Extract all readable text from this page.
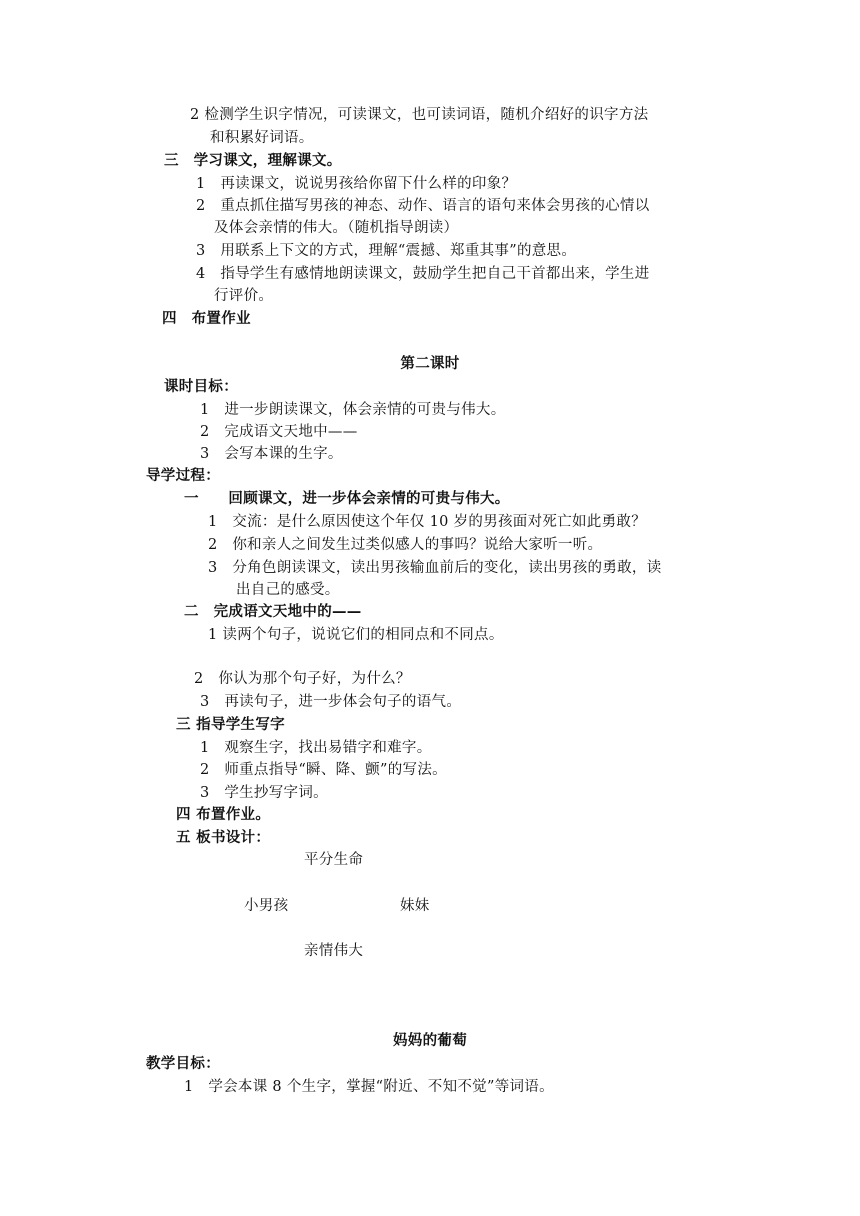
2 检测学生识字情况，可读课文，也可读词语，随机介绍好的识字方法
和积累好词语。
三　学习课文，理解课文。
1　再读课文，说说男孩给你留下什么样的印象？
2　重点抓住描写男孩的神态、动作、语言的语句来体会男孩的心情以
及体会亲情的伟大。（随机指导朗读）
3　用联系上下文的方式，理解“震撼、郑重其事”的意思。
4　指导学生有感情地朗读课文，鼓励学生把自己干首都出来，学生进
行评价。
四　布置作业
第二课时
课时目标：
1　进一步朗读课文，体会亲情的可贵与伟大。
2　完成语文天地中——
3　会写本课的生字。
导学过程：
一　　回顾课文，进一步体会亲情的可贵与伟大。
1　交流：是什么原因使这个年仅 10 岁的男孩面对死亡如此勇敢？
2　你和亲人之间发生过类似感人的事吗？说给大家听一听。
3　分角色朗读课文，读出男孩输血前后的变化，读出男孩的勇敢，读
出自己的感受。
二　完成语文天地中的——
1 读两个句子，说说它们的相同点和不同点。
2　你认为那个句子好，为什么？
3　再读句子，进一步体会句子的语气。
三 指导学生写字
1　观察生字，找出易错字和难字。
2　师重点指导“瞬、降、颤”的写法。
3　学生抄写字词。
四 布置作业。
五 板书设计：
平分生命
小男孩	妹妹
亲情伟大
妈妈的葡萄
教学目标：
1　学会本课 8 个生字，掌握“附近、不知不觉”等词语。
